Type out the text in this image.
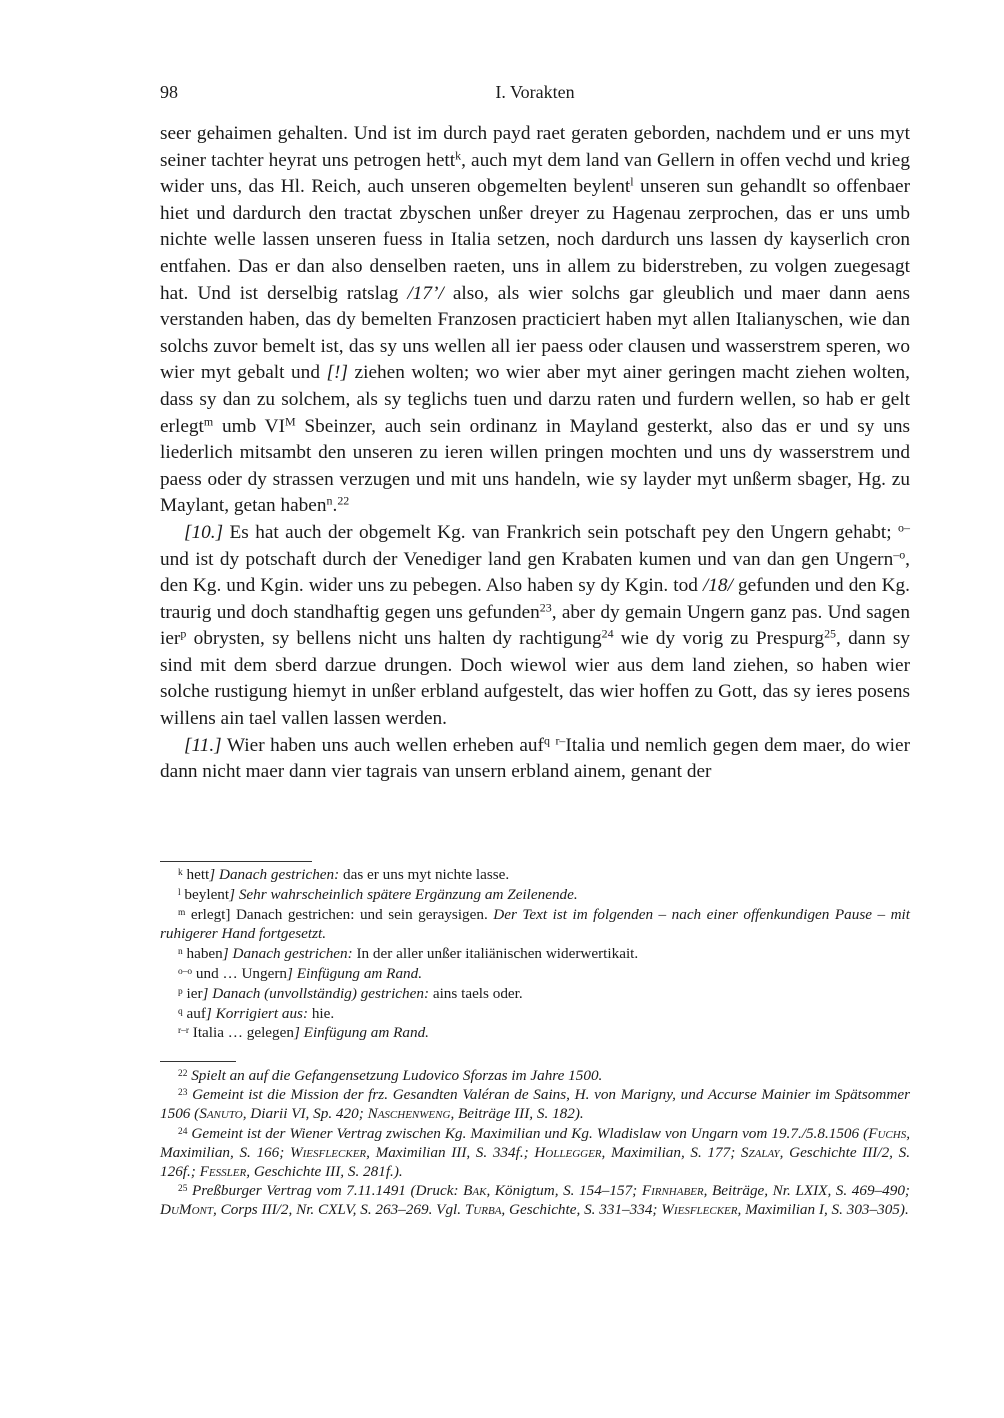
98	I. Vorakten

seer gehaimen gehalten. Und ist im durch payd raet geraten geborden, nachdem und er uns myt seiner tachter heyrat uns petrogen hett$^k$, auch myt dem land van Gellern in offen vechd und krieg wider uns, das Hl. Reich, auch unseren obgemelten beylent$^l$ unseren sun gehandlt so offenbaer hiet und dardurch den tractat zbyschen unßer dreyer zu Hagenau zerprochen, das er uns umb nichte welle lassen unseren fuess in Italia setzen, noch dardurch uns lassen dy kayserlich cron entfahen. Das er dan also denselben raeten, uns in allem zu biderstreben, zu volgen zuegesagt hat. Und ist derselbig ratslag /17’/ also, als wier solchs gar gleublich und maer dann aens verstanden haben, das dy bemelten Franzosen practiciert haben myt allen Italianyschen, wie dan solchs zuvor bemelt ist, das sy uns wellen all ier paess oder clausen und wasserstrem speren, wo wier myt gebalt und [!] ziehen wolten; wo wier aber myt ainer geringen macht ziehen wolten, dass sy dan zu solchem, als sy teglichs tuen und darzu raten und furdern wellen, so hab er gelt erlegt$^m$ umb $VI^M$ Sbeinzer, auch sein ordinanz in Mayland gesterkt, also das er und sy uns liederlich mitsambt den unseren zu ieren willen pringen mochten und uns dy wasserstrem und paess oder dy strassen verzugen und mit uns handeln, wie sy layder myt unßerm sbager, Hg. zu Maylant, getan haben$^n$.$^{22}$

[10.] Es hat auch der obgemelt Kg. van Frankrich sein potschaft pey den Ungern gehabt; $^{o-}$und ist dy potschaft durch der Venediger land gen Krabaten kumen und van dan gen Ungern$^{-o}$, den Kg. und Kgin. wider uns zu pebegen. Also haben sy dy Kgin. tod /18/ gefunden und den Kg. traurig und doch standhaftig gegen uns gefunden$^{23}$, aber dy gemain Ungern ganz pas. Und sagen ier$^p$ obrysten, sy bellens nicht uns halten dy rachtigung$^{24}$ wie dy vorig zu Prespurg$^{25}$, dann sy sind mit dem sberd darzue drungen. Doch wiewol wier aus dem land ziehen, so haben wier solche rustigung hiemyt in unßer erbland aufgestelt, das wier hoffen zu Gott, das sy ieres posens willens ain tael vallen lassen werden.

[11.] Wier haben uns auch wellen erheben auf$^q$ $^{r-}$Italia und nemlich gegen dem maer, do wier dann nicht maer dann vier tagrais van unsern erbland ainem, genant der

$^k$ hett] Danach gestrichen: das er uns myt nichte lasse.

$^l$ beylent] Sehr wahrscheinlich spätere Ergänzung am Zeilenende.

$^m$ erlegt] Danach gestrichen: und sein geraysigen. Der Text ist im folgenden – nach einer offenkundigen Pause – mit ruhigerer Hand fortgesetzt.

$^n$ haben] Danach gestrichen: In der aller unßer italiänischen widerwertikait.

$^{o-o}$ und … Ungern] Einfügung am Rand.

$^p$ ier] Danach (unvollständig) gestrichen: ains taels oder.

$^q$ auf] Korrigiert aus: hie.

$^{r-r}$ Italia … gelegen] Einfügung am Rand.

$^{22}$ Spielt an auf die Gefangensetzung Ludovico Sforzas im Jahre 1500.

$^{23}$ Gemeint ist die Mission der frz. Gesandten Valéran de Sains, H. von Marigny, und Accurse Mainier im Spätsommer 1506 (Sanuto, Diarii VI, Sp. 420; Naschenweng, Beiträge III, S. 182).

$^{24}$ Gemeint ist der Wiener Vertrag zwischen Kg. Maximilian und Kg. Wladislaw von Ungarn vom 19.7./5.8.1506 (Fuchs, Maximilian, S. 166; Wiesflecker, Maximilian III, S. 334f.; Hollegger, Maximilian, S. 177; Szalay, Geschichte III/2, S. 126f.; Fessler, Geschichte III, S. 281f.).

$^{25}$ Preßburger Vertrag vom 7.11.1491 (Druck: Bak, Königtum, S. 154–157; Firnhaber, Beiträge, Nr. LXIX, S. 469–490; DuMont, Corps III/2, Nr. CXLV, S. 263–269. Vgl. Turba, Geschichte, S. 331–334; Wiesflecker, Maximilian I, S. 303–305).
